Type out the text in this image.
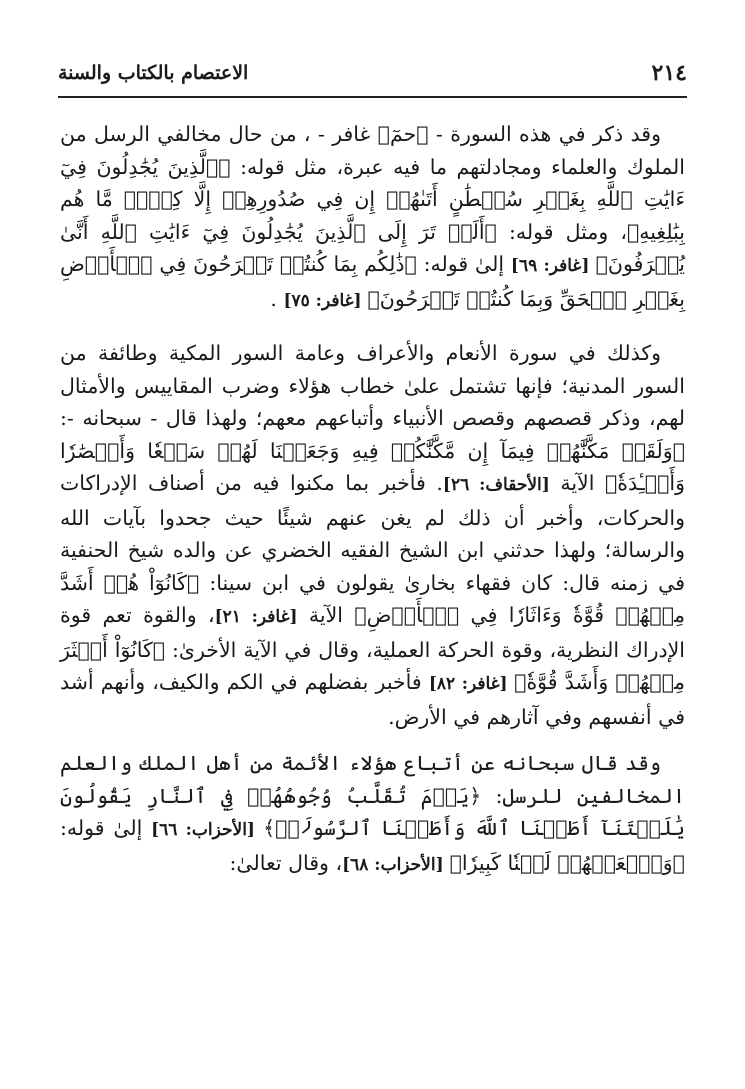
٢١٤
الاعتصام بالكتاب والسنة

وقد ذكر في هذه السورة - ﴿حمٓ﴾ غافر - ، من حال مخالفي الرسل من الملوك والعلماء ومجادلتهم ما فيه عبرة، مثل قوله: ﴿ٱلَّذِينَ يُجَٰدِلُونَ فِيٓ ءَايَٰتِ ٱللَّهِ بِغَيۡرِ سُلۡطَٰنٍ أَتَىٰهُمۡ إِن فِي صُدُورِهِمۡ إِلَّا كِبۡرٞ مَّا هُم بِبَٰلِغِيهِ﴾، ومثل قوله: ﴿أَلَمۡ تَرَ إِلَى ٱلَّذِينَ يُجَٰدِلُونَ فِيٓ ءَايَٰتِ ٱللَّهِ أَنَّىٰ يُصۡرَفُونَ﴾ [غافر: ٦٩] إلىٰ قوله: ﴿ذَٰلِكُم بِمَا كُنتُمۡ تَفۡرَحُونَ فِي ٱلۡأَرۡضِ بِغَيۡرِ ٱلۡحَقِّ وَبِمَا كُنتُمۡ تَمۡرَحُونَ﴾ [غافر: ٧٥] .

وكذلك في سورة الأنعام والأعراف وعامة السور المكية وطائفة من السور المدنية؛ فإنها تشتمل علىٰ خطاب هؤلاء وضرب المقاييس والأمثال لهم، وذكر قصصهم وقصص الأنبياء وأتباعهم معهم؛ ولهذا قال - سبحانه -: ﴿وَلَقَدۡ مَكَّنَّٰهُمۡ فِيمَآ إِن مَّكَّنَّٰكُمۡ فِيهِ وَجَعَلۡنَا لَهُمۡ سَمۡعٗا وَأَبۡصَٰرٗا وَأَفۡـِٔدَةٗ﴾ الآية [الأحقاف: ٢٦]. فأخبر بما مكنوا فيه من أصناف الإدراكات والحركات، وأخبر أن ذلك لم يغن عنهم شيئًا حيث جحدوا بآيات الله والرسالة؛ ولهذا حدثني ابن الشيخ الفقيه الخضري عن والده شيخ الحنفية في زمنه قال: كان فقهاء بخارىٰ يقولون في ابن سينا: ﴿كَانُوٓاْ هُمۡ أَشَدَّ مِنۡهُمۡ قُوَّةٗ وَءَاثَارٗا فِي ٱلۡأَرۡضِ﴾ الآية [غافر: ٢١]، والقوة تعم قوة الإدراك النظرية، وقوة الحركة العملية، وقال في الآية الأخرىٰ: ﴿كَانُوٓاْ أَكۡثَرَ مِنۡهُمۡ وَأَشَدَّ قُوَّةٗ﴾ [غافر: ٨٢] فأخبر بفضلهم في الكم والكيف، وأنهم أشد في أنفسهم وفي آثارهم في الأرض.

وقد قال سبحانه عن أتباع هؤلاء الأئمة من أهل الملك والعلم المخالفين للرسل: ﴿يَوۡمَ تُقَلَّبُ وُجُوهُهُمۡ فِي ٱلنَّارِ يَقُولُونَ يَٰلَيۡتَنَآ أَطَعۡنَا ٱللَّهَ وَأَطَعۡنَا ٱلرَّسُولَا۠﴾ [الأحزاب: ٦٦] إلىٰ قوله: ﴿وَٱلۡعَنۡهُمۡ لَعۡنٗا كَبِيرٗا﴾ [الأحزاب: ٦٨]، وقال تعالىٰ:
